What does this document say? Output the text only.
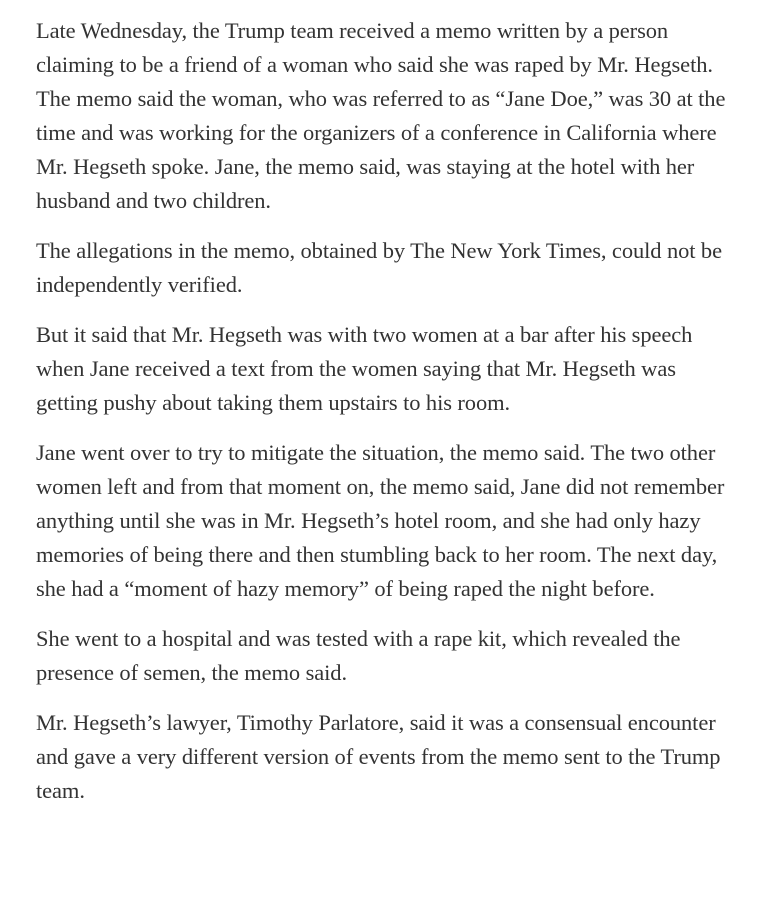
Late Wednesday, the Trump team received a memo written by a person claiming to be a friend of a woman who said she was raped by Mr. Hegseth. The memo said the woman, who was referred to as “Jane Doe,” was 30 at the time and was working for the organizers of a conference in California where Mr. Hegseth spoke. Jane, the memo said, was staying at the hotel with her husband and two children.

The allegations in the memo, obtained by The New York Times, could not be independently verified.

But it said that Mr. Hegseth was with two women at a bar after his speech when Jane received a text from the women saying that Mr. Hegseth was getting pushy about taking them upstairs to his room.

Jane went over to try to mitigate the situation, the memo said. The two other women left and from that moment on, the memo said, Jane did not remember anything until she was in Mr. Hegseth’s hotel room, and she had only hazy memories of being there and then stumbling back to her room. The next day, she had a “moment of hazy memory” of being raped the night before.

She went to a hospital and was tested with a rape kit, which revealed the presence of semen, the memo said.

Mr. Hegseth’s lawyer, Timothy Parlatore, said it was a consensual encounter and gave a very different version of events from the memo sent to the Trump team.
